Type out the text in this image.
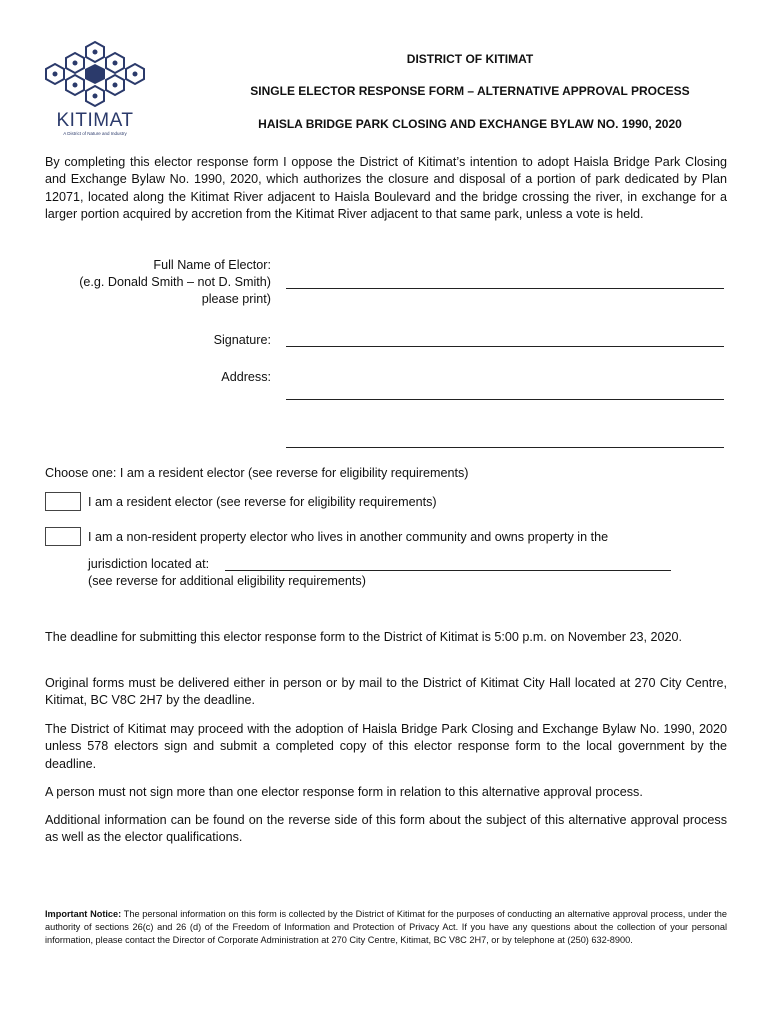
KITIMAT
A District of Nature and Industry
DISTRICT OF KITIMAT
SINGLE ELECTOR RESPONSE FORM – ALTERNATIVE APPROVAL PROCESS
HAISLA BRIDGE PARK CLOSING AND EXCHANGE BYLAW NO. 1990, 2020
By completing this elector response form I oppose the District of Kitimat’s intention to adopt Haisla Bridge Park Closing and Exchange Bylaw No. 1990, 2020, which authorizes the closure and disposal of a portion of park dedicated by Plan 12071, located along the Kitimat River adjacent to Haisla Boulevard and the bridge crossing the river, in exchange for a larger portion acquired by accretion from the Kitimat River adjacent to that same park, unless a vote is held.
Full Name of Elector:
(e.g. Donald Smith – not D. Smith)
please print)
Signature:
Address:
Choose one: I am a resident elector (see reverse for eligibility requirements)
I am a resident elector (see reverse for eligibility requirements)
I am a non-resident property elector who lives in another community and owns property in the
jurisdiction located at:
(see reverse for additional eligibility requirements)
The deadline for submitting this elector response form to the District of Kitimat is 5:00 p.m. on November 23, 2020.
Original forms must be delivered either in person or by mail to the District of Kitimat City Hall located at 270 City Centre, Kitimat, BC V8C 2H7 by the deadline.
The District of Kitimat may proceed with the adoption of Haisla Bridge Park Closing and Exchange Bylaw No. 1990, 2020 unless 578 electors sign and submit a completed copy of this elector response form to the local government by the deadline.
A person must not sign more than one elector response form in relation to this alternative approval process.
Additional information can be found on the reverse side of this form about the subject of this alternative approval process as well as the elector qualifications.
Important Notice: The personal information on this form is collected by the District of Kitimat for the purposes of conducting an alternative approval process, under the authority of sections 26(c) and 26 (d) of the Freedom of Information and Protection of Privacy Act. If you have any questions about the collection of your personal information, please contact the Director of Corporate Administration at 270 City Centre, Kitimat, BC V8C 2H7, or by telephone at (250) 632-8900.
